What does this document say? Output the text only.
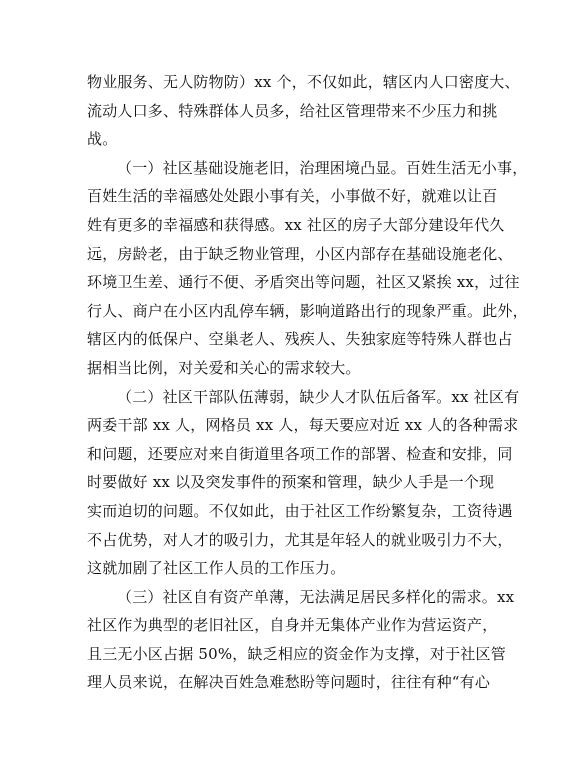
物业服务、无人防物防）xx 个，不仅如此，辖区内人口密度大、
流动人口多、特殊群体人员多，给社区管理带来不少压力和挑
战。
（一）社区基础设施老旧，治理困境凸显。百姓生活无小事，
百姓生活的幸福感处处跟小事有关，小事做不好，就难以让百
姓有更多的幸福感和获得感。xx 社区的房子大部分建设年代久
远，房龄老，由于缺乏物业管理，小区内部存在基础设施老化、
环境卫生差、通行不便、矛盾突出等问题，社区又紧挨 xx，过往
行人、商户在小区内乱停车辆，影响道路出行的现象严重。此外，
辖区内的低保户、空巢老人、残疾人、失独家庭等特殊人群也占
据相当比例，对关爱和关心的需求较大。
（二）社区干部队伍薄弱，缺少人才队伍后备军。xx 社区有
两委干部 xx 人，网格员 xx 人，每天要应对近 xx 人的各种需求
和问题，还要应对来自街道里各项工作的部署、检查和安排，同
时要做好 xx 以及突发事件的预案和管理，缺少人手是一个现
实而迫切的问题。不仅如此，由于社区工作纷繁复杂，工资待遇
不占优势，对人才的吸引力，尤其是年轻人的就业吸引力不大，
这就加剧了社区工作人员的工作压力。
（三）社区自有资产单薄，无法满足居民多样化的需求。xx
社区作为典型的老旧社区，自身并无集体产业作为营运资产，
且三无小区占据 50%，缺乏相应的资金作为支撑，对于社区管
理人员来说，在解决百姓急难愁盼等问题时，往往有种“有心
